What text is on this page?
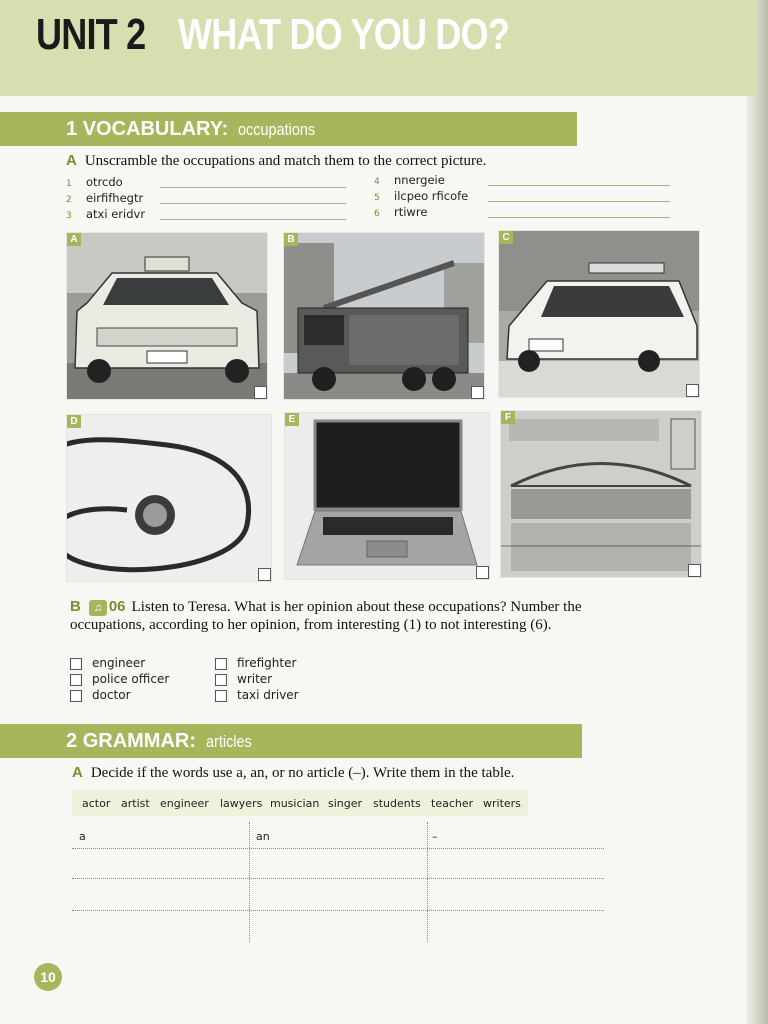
UNIT 2 WHAT DO YOU DO?
1 VOCABULARY: occupations
A Unscramble the occupations and match them to the correct picture.
1 otrcdo
2 eirfifhegtr
3 atxi eridvr
4 nnergeie
5 ilcpeo rficofe
6 rtiwre
A	B	C
D	E	F
B ♫ 06 Listen to Teresa. What is her opinion about these occupations? Number the occupations, according to her opinion, from interesting (1) to not interesting (6).
engineer
police officer
doctor
firefighter
writer
taxi driver
2 GRAMMAR: articles
A Decide if the words use a, an, or no article (–). Write them in the table.
actor artist engineer lawyers musician singer students teacher writers
a	an	–
10
